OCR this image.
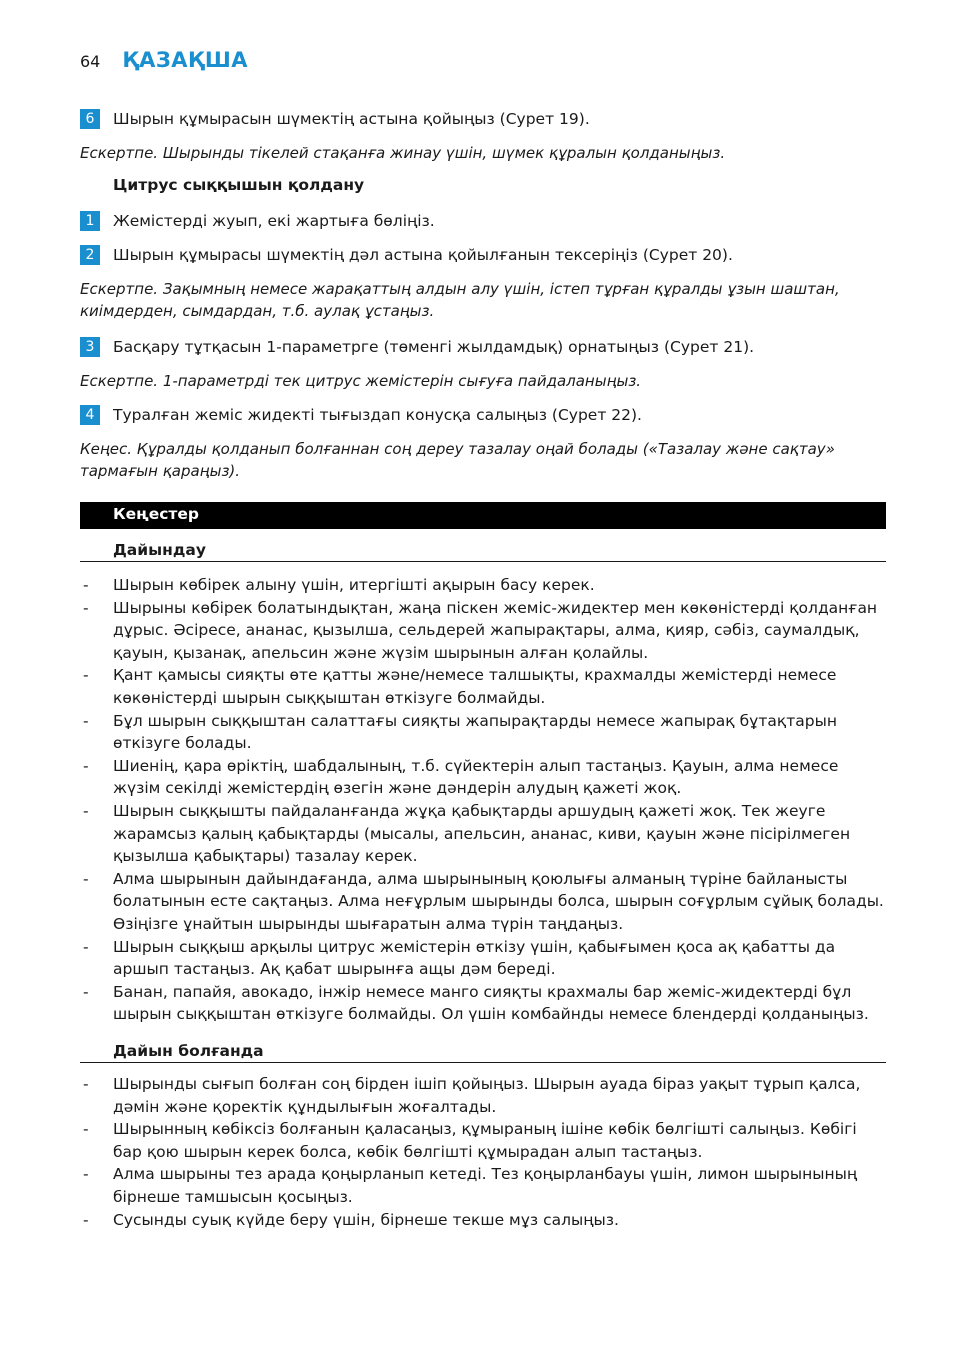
64 ҚАЗАҚША
6	Шырын құмырасын шүмектің астына қойыңыз (Сурет 19).
Ескертпе. Шырынды тікелей стақанға жинау үшін, шүмек құралын қолданыңыз.
Цитрус сыққышын қолдану
1	Жемістерді жуып, екі жартыға бөліңіз.
2	Шырын құмырасы шүмектің дәл астына қойылғанын тексеріңіз (Сурет 20).
Ескертпе. Зақымның немесе жарақаттың алдын алу үшін, істеп тұрған құралды ұзын шаштан, киімдерден, сымдардан, т.б. аулақ ұстаңыз.
3	Басқару тұтқасын 1-параметрге (төменгі жылдамдық) орнатыңыз (Сурет 21).
Ескертпе. 1-параметрді тек цитрус жемістерін сығуға пайдаланыңыз.
4	Туралған жеміс жидекті тығыздап конусқа салыңыз (Сурет 22).
Кеңес. Құралды қолданып болғаннан соң дереу тазалау оңай болады («Тазалау және сақтау» тармағын қараңыз).
Кеңестер
Дайындау
- Шырын көбірек алыну үшін, итергішті ақырын басу керек.
- Шырыны көбірек болатындықтан, жаңа піскен жеміс-жидектер мен көкөністерді қолданған дұрыс. Әсіресе, ананас, қызылша, сельдерей жапырақтары, алма, қияр, сәбіз, саумалдық, қауын, қызанақ, апельсин және жүзім шырынын алған қолайлы.
- Қант қамысы сияқты өте қатты және/немесе талшықты, крахмалды жемістерді немесе көкөністерді шырын сыққыштан өткізуге болмайды.
- Бұл шырын сыққыштан салаттағы сияқты жапырақтарды немесе жапырақ бұтақтарын өткізуге болады.
- Шиенің, қара өріктің, шабдалының, т.б. сүйектерін алып тастаңыз. Қауын, алма немесе жүзім секілді жемістердің өзегін және дәндерін алудың қажеті жоқ.
- Шырын сыққышты пайдаланғанда жұқа қабықтарды аршудың қажеті жоқ. Тек жеуге жарамсыз қалың қабықтарды (мысалы, апельсин, ананас, киви, қауын және пісірілмеген қызылша қабықтары) тазалау керек.
- Алма шырынын дайындағанда, алма шырынының қоюлығы алманың түріне байланысты болатынын есте сақтаңыз. Алма неғұрлым шырынды болса, шырын соғұрлым сұйық болады. Өзіңізге ұнайтын шырынды шығаратын алма түрін таңдаңыз.
- Шырын сыққыш арқылы цитрус жемістерін өткізу үшін, қабығымен қоса ақ қабатты да аршып тастаңыз. Ақ қабат шырынға ащы дәм береді.
- Банан, папайя, авокадо, інжір немесе манго сияқты крахмалы бар жеміс-жидектерді бұл шырын сыққыштан өткізуге болмайды. Ол үшін комбайнды немесе блендерді қолданыңыз.
Дайын болғанда
- Шырынды сығып болған соң бірден ішіп қойыңыз. Шырын ауада біраз уақыт тұрып қалса, дәмін және қоректік құндылығын жоғалтады.
- Шырынның көбіксіз болғанын қаласаңыз, құмыраның ішіне көбік бөлгішті салыңыз. Көбігі бар қою шырын керек болса, көбік бөлгішті құмырадан алып тастаңыз.
- Алма шырыны тез арада қоңырланып кетеді. Тез қоңырланбауы үшін, лимон шырынының бірнеше тамшысын қосыңыз.
- Сусынды суық күйде беру үшін, бірнеше текше мұз салыңыз.
